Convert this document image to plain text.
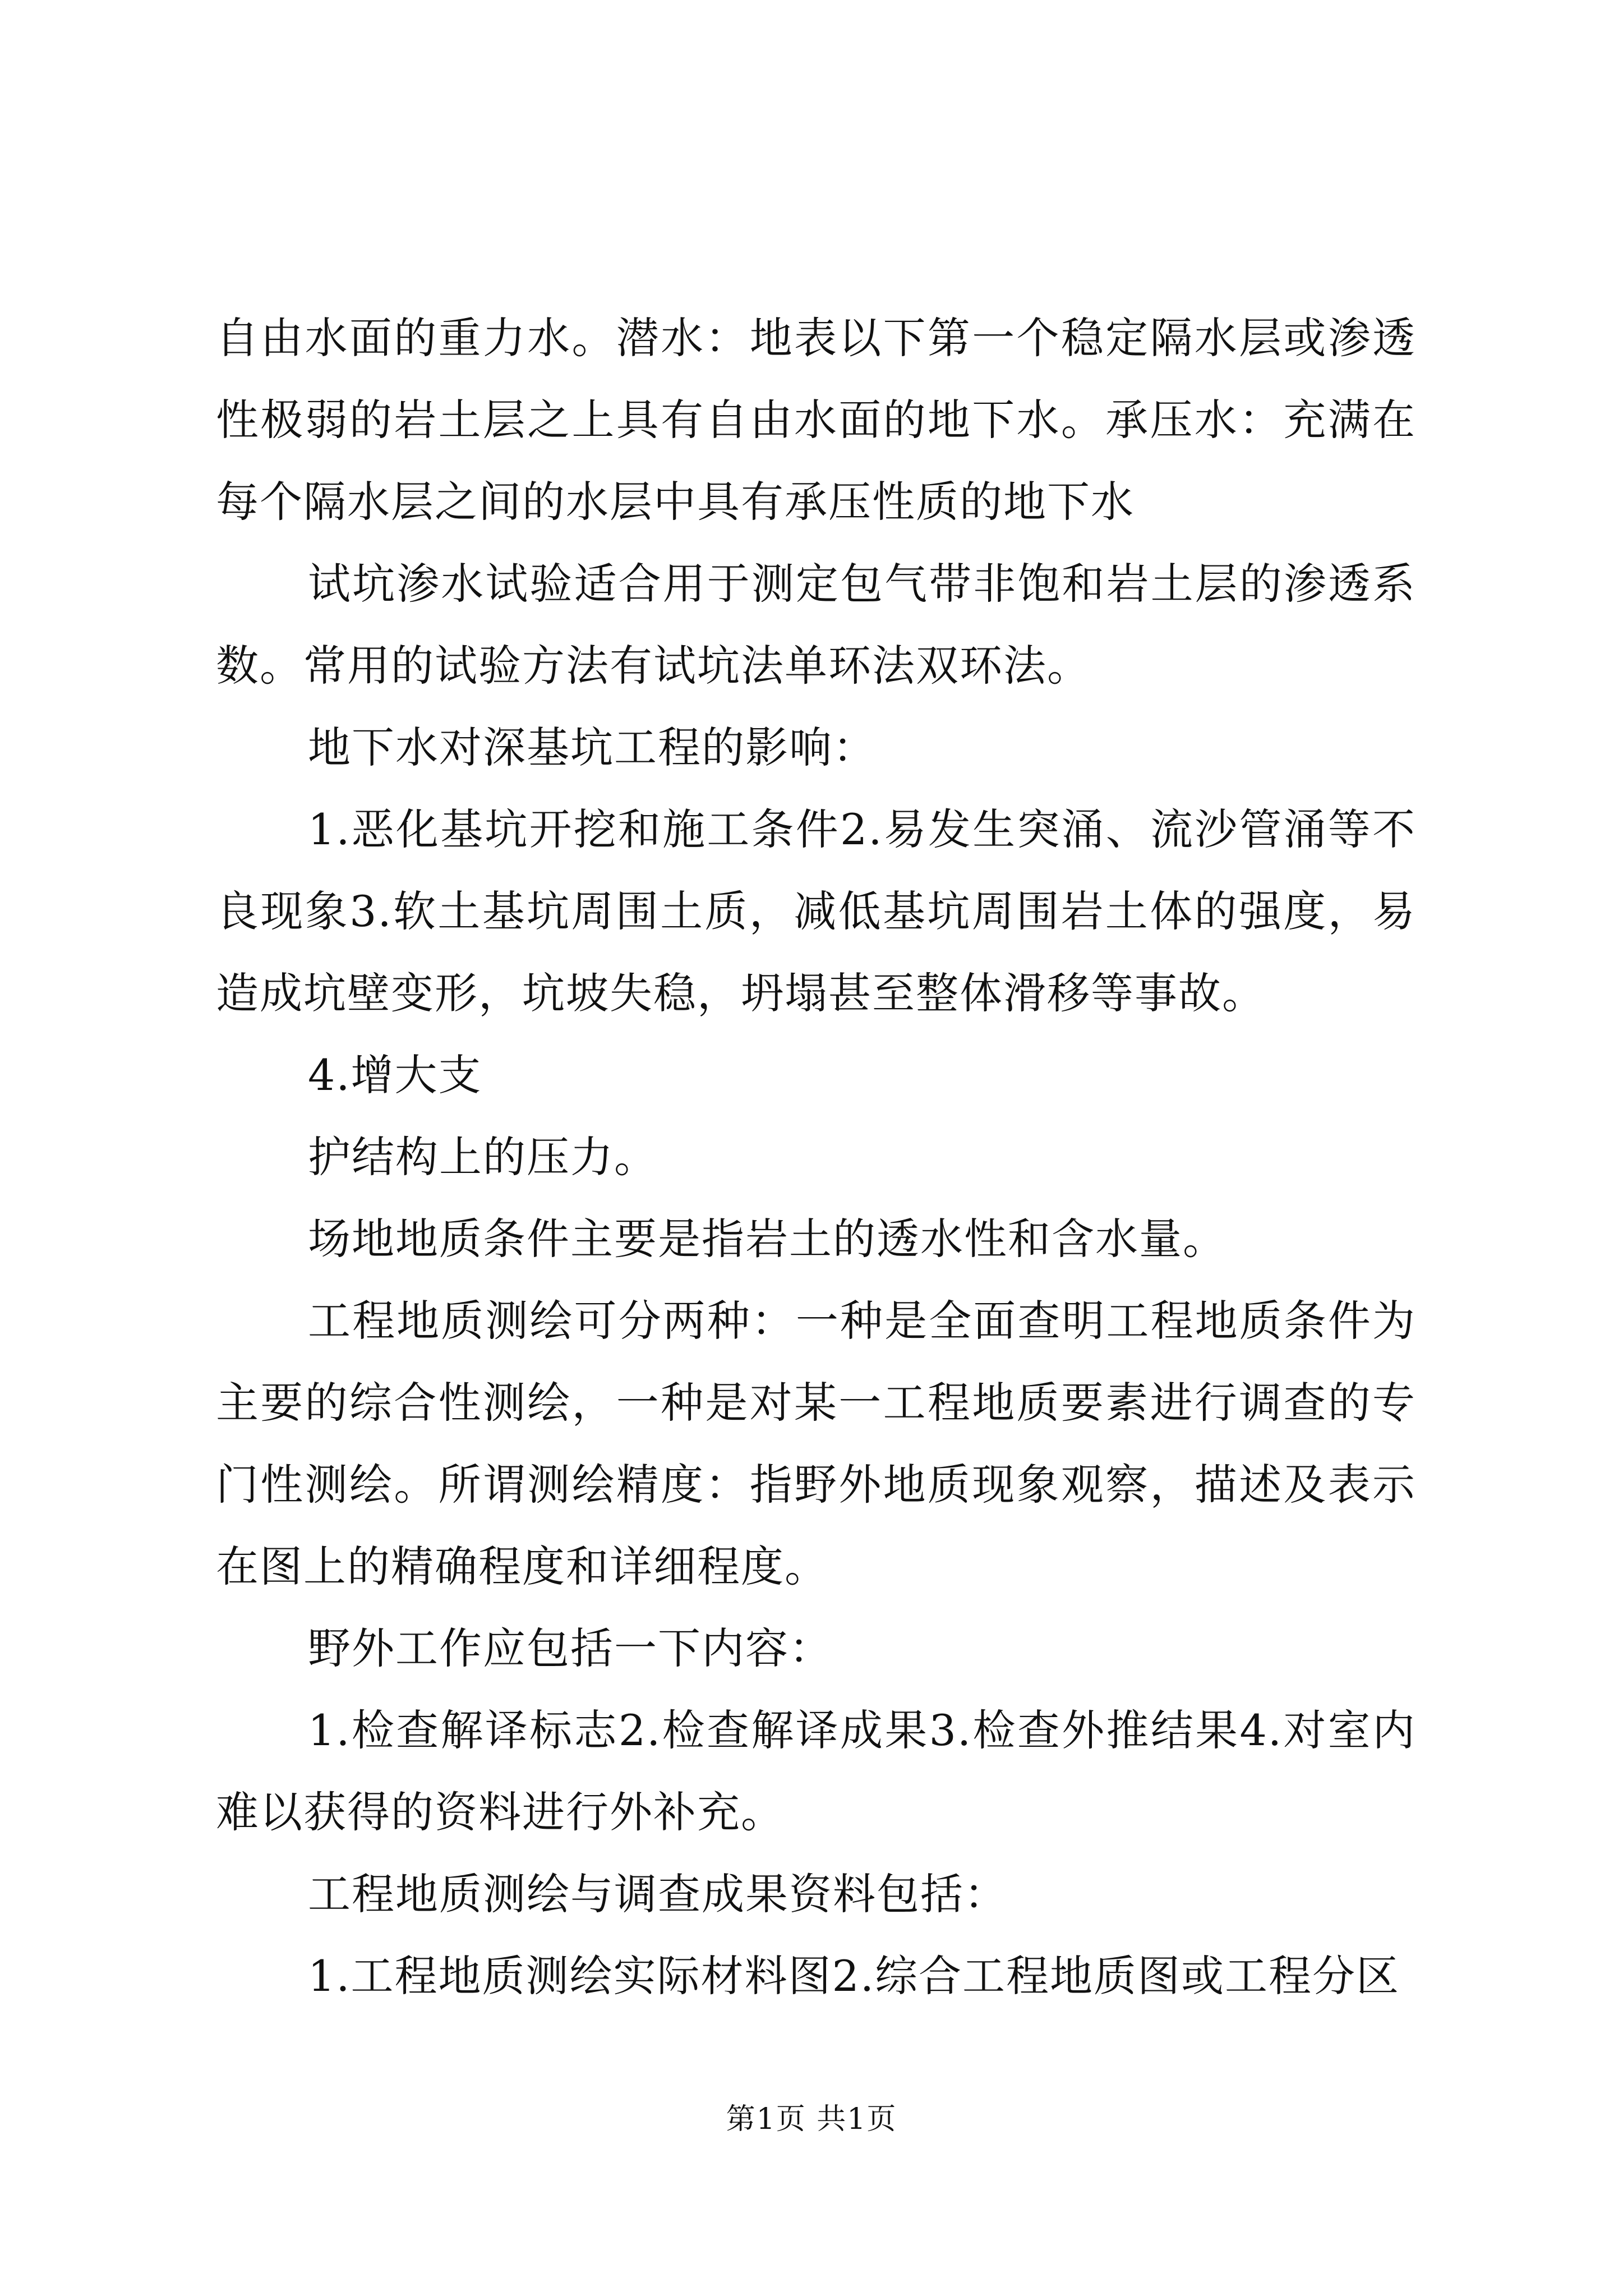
自由水面的重力水。潜水：地表以下第一个稳定隔水层或渗透性极弱的岩土层之上具有自由水面的地下水。承压水：充满在每个隔水层之间的水层中具有承压性质的地下水

试坑渗水试验适合用于测定包气带非饱和岩土层的渗透系数。常用的试验方法有试坑法单环法双环法。

地下水对深基坑工程的影响：

1.恶化基坑开挖和施工条件2.易发生突涌、流沙管涌等不良现象3.软土基坑周围土质，减低基坑周围岩土体的强度，易造成坑壁变形，坑坡失稳，坍塌甚至整体滑移等事故。

4.增大支

护结构上的压力。

场地地质条件主要是指岩土的透水性和含水量。

工程地质测绘可分两种：一种是全面查明工程地质条件为主要的综合性测绘，一种是对某一工程地质要素进行调查的专门性测绘。所谓测绘精度：指野外地质现象观察，描述及表示在图上的精确程度和详细程度。

野外工作应包括一下内容：

1.检查解译标志2.检查解译成果3.检查外推结果4.对室内难以获得的资料进行外补充。

工程地质测绘与调查成果资料包括：

1.工程地质测绘实际材料图2.综合工程地质图或工程分区

第1页 共1页
